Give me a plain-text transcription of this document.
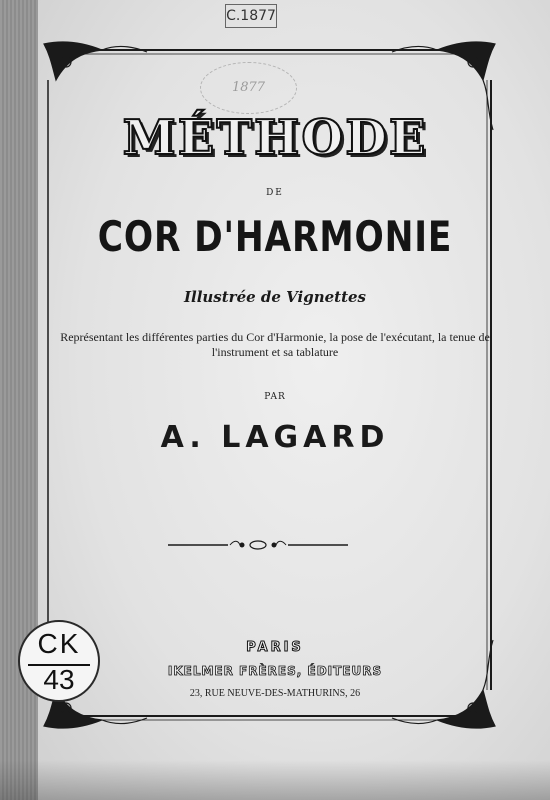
C.1877
1877
MÉTHODE
DE
COR D'HARMONIE
Illustrée de Vignettes
Représentant les différentes parties du Cor d'Harmonie, la pose de l'exécutant, la tenue de l'instrument et sa tablature
PAR
A. LAGARD
PARIS
IKELMER FRÈRES, ÉDITEURS
23, RUE NEUVE-DES-MATHURINS, 26
CK
43
